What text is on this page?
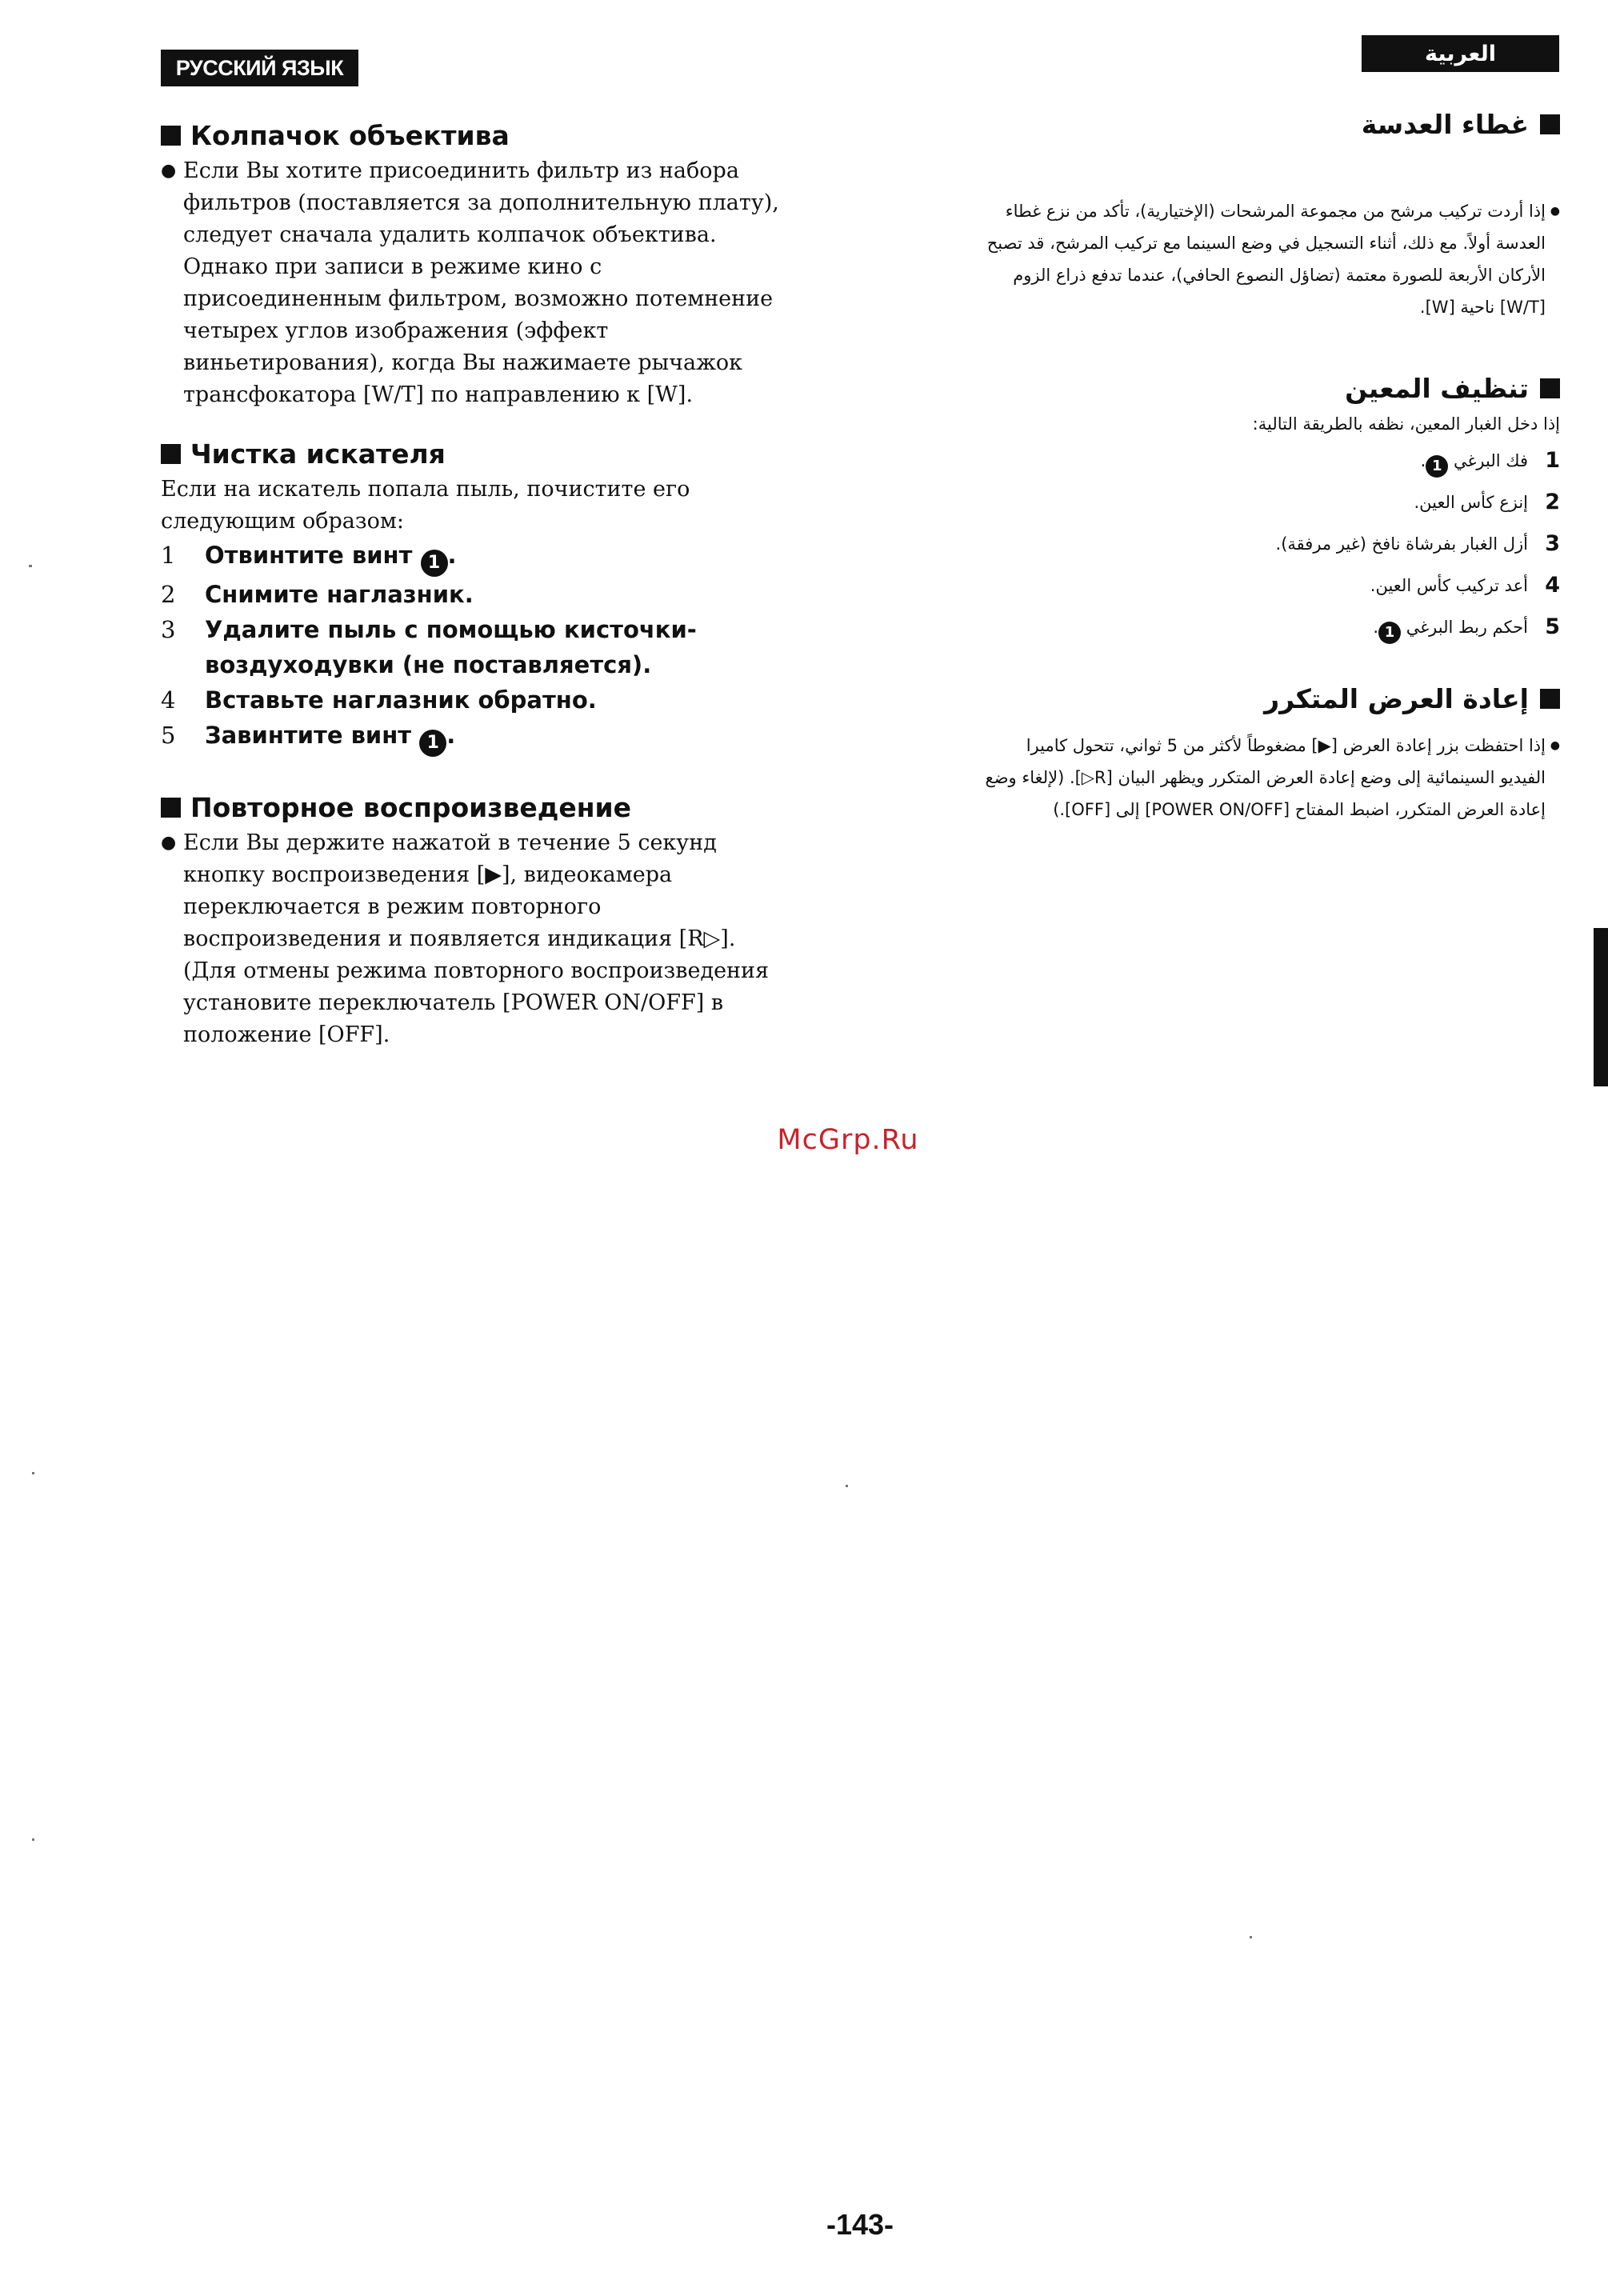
РУССКИЙ ЯЗЫК
العربية
Колпачок объектива
● Если Вы хотите присоединить фильтр из набора

фильтров (поставляется за дополнительную плату),

следует сначала удалить колпачок объектива.

Однако при записи в режиме кино с

присоединенным фильтром, возможно потемнение

четырех углов изображения (эффект

виньетирования), когда Вы нажимаете рычажок

трансфокатора [W/T] по направлению к [W].

Чистка искателя

Если на искатель попала пыль, почистите его

следующим образом:

1	Отвинтите винт 1 .
2	Снимите наглазник.
3	Удалите пыль с помощью кисточки-
воздуходувки (не поставляется).
4	Вставьте наглазник обратно.
5	Завинтите винт 1 .
Повторное воспроизведение
● Если Вы держите нажатой в течение 5 секунд

кнопку воспроизведения [▶], видеокамера

переключается в режим повторного

воспроизведения и появляется индикация [R▷].

(Для отмены режима повторного воспроизведения

установите переключатель [POWER ON/OFF] в

положение [OFF].

غطاء العدسة
●

إذا أردت تركيب مرشح من مجموعة المرشحات (الإختيارية)، تأكد من نزع غطاء

العدسة أولاً. مع ذلك، أثناء التسجيل في وضع السينما مع تركيب المرشح، قد تصبح

الأركان الأربعة للصورة معتمة (تضاؤل النصوع الحافي)، عندما تدفع ذراع الزوم

[W/T] ناحية [W].

تنظيف المعين

إذا دخل الغبار المعين، نظفه بالطريقة التالية:

1
فك البرغي 1.
2
إنزع كأس العين.
3
أزل الغبار بفرشاة نافخ (غير مرفقة).
4
أعد تركيب كأس العين.
5
أحكم ربط البرغي 1.
إعادة العرض المتكرر
●

إذا احتفظت بزر إعادة العرض [▶] مضغوطاً لأكثر من 5 ثواني، تتحول كاميرا

الفيديو السينمائية إلى وضع إعادة العرض المتكرر ويظهر البيان [R▷]. (لإلغاء وضع

إعادة العرض المتكرر، اضبط المفتاح [POWER ON/OFF] إلى [OFF].)

McGrp.Ru
-143-
